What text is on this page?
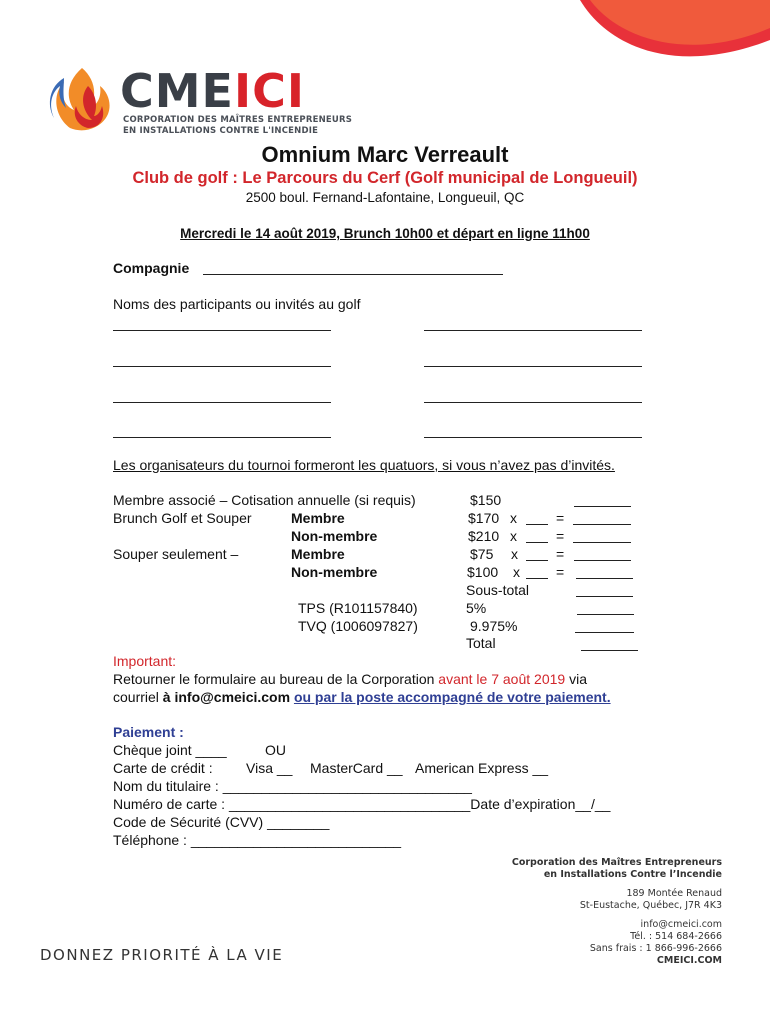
CMEICI
CORPORATION DES MAÎTRES ENTREPRENEURS
EN INSTALLATIONS CONTRE L'INCENDIE
Omnium Marc Verreault
Club de golf : Le Parcours du Cerf (Golf municipal de Longueuil)
2500 boul. Fernand-Lafontaine, Longueuil, QC
Mercredi le 14 août 2019, Brunch 10h00 et départ en ligne 11h00
Compagnie
Noms des participants ou invités au golf
Les organisateurs du tournoi formeront les quatuors, si vous n’avez pas d’invités.
Membre associé – Cotisation annuelle (si requis)	$150
Brunch Golf et Souper	Membre	$170 x	=
Non-membre	$210 x	=
Souper seulement –	Membre	$75 x	=
Non-membre	$100 x	=
Sous-total
TPS (R101157840)	5%
TVQ (1006097827)	9.975%
Total
Important:
Retourner le formulaire au bureau de la Corporation avant le 7 août 2019 via
courriel à info@cmeici.com ou par la poste accompagné de votre paiement.
Paiement :
Chèque joint ____	OU
Carte de crédit : Visa __ MasterCard __ American Express __
Nom du titulaire : ________________________________
Numéro de carte : _______________________________Date d’expiration__/__
Code de Sécurité (CVV) ________
Téléphone : ___________________________
Corporation des Maîtres Entrepreneurs
en Installations Contre l’Incendie
189 Montée Renaud
St-Eustache, Québec, J7R 4K3
info@cmeici.com
Tél. : 514 684-2666
Sans frais : 1 866-996-2666
CMEICI.COM
DONNEZ PRIORITÉ À LA VIE
